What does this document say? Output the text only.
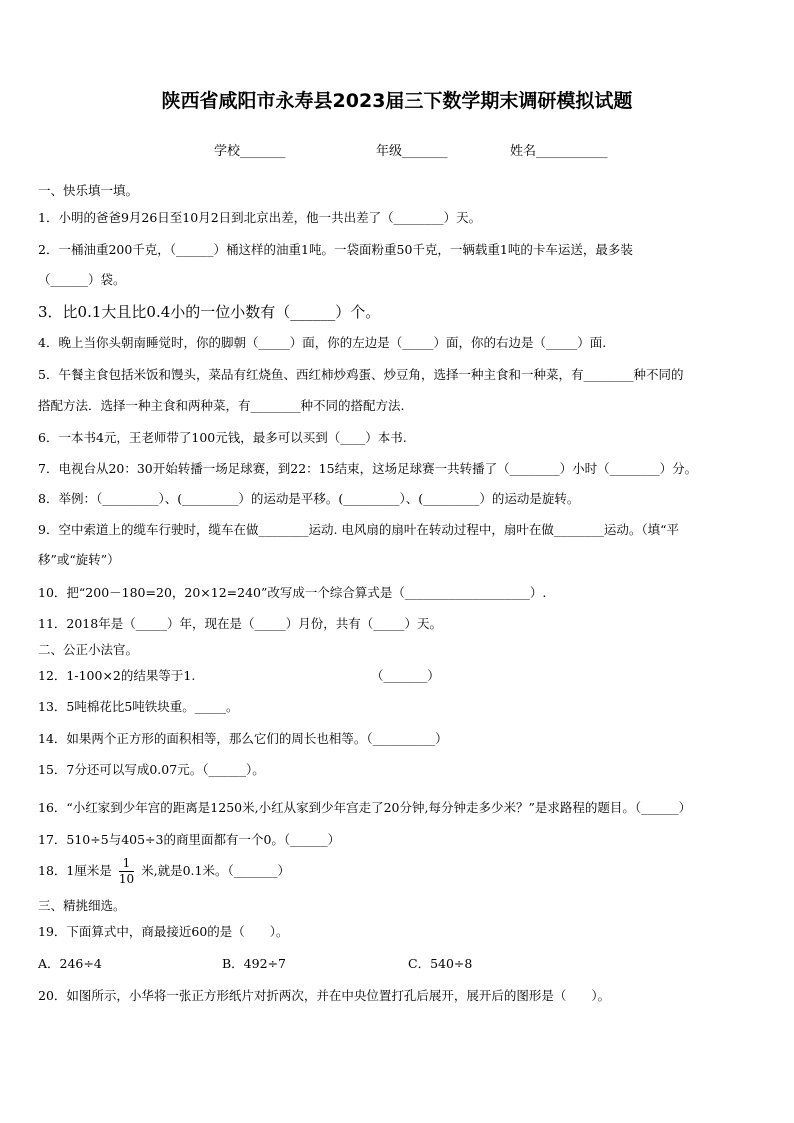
陕西省咸阳市永寿县2023届三下数学期末调研模拟试题
学校_______	年级_______	姓名___________
一、快乐填一填。
1．小明的爸爸9月26日至10月2日到北京出差，他一共出差了（________）天。
2．一桶油重200千克，（______）桶这样的油重1吨。一袋面粉重50千克，一辆载重1吨的卡车运送，最多装
（______）袋。
3．比0.1大且比0.4小的一位小数有（______）个。
4．晚上当你头朝南睡觉时，你的脚朝（_____）面，你的左边是（_____）面，你的右边是（_____）面.
5．午餐主食包括米饭和馒头，菜品有红烧鱼、西红柿炒鸡蛋、炒豆角，选择一种主食和一种菜，有________种不同的
搭配方法．选择一种主食和两种菜，有________种不同的搭配方法.
6．一本书4元，王老师带了100元钱，最多可以买到（____）本书.
7．电视台从20：30开始转播一场足球赛，到22：15结束，这场足球赛一共转播了（________）小时（________）分。
8．举例：（_________）、(_________）的运动是平移。(_________）、(_________）的运动是旋转。
9．空中索道上的缆车行驶时，缆车在做________运动. 电风扇的扇叶在转动过程中，扇叶在做________运动。（填“平
移”或“旋转”）
10．把“200－180=20，20×12=240”改写成一个综合算式是（____________________）.
11．2018年是（_____）年，现在是（_____）月份，共有（_____）天。
二、公正小法官。
12．1-100×2的结果等于1.	（_______）
13．5吨棉花比5吨铁块重。_____。
14．如果两个正方形的面积相等，那么它们的周长也相等。（__________）
15．7分还可以写成0.07元。（______）。
16．“小红家到少年宫的距离是1250米,小红从家到少年宫走了20分钟,每分钟走多少米？”是求路程的题目。（______）
17．510÷5与405÷3的商里面都有一个0。（______）
18．1厘米是 $\frac{1}{10}$ 米,就是0.1米。（_______）
三、精挑细选。
19．下面算式中，商最接近60的是（　　）。
A．246÷4	B．492÷7	C．540÷8
20．如图所示，小华将一张正方形纸片对折两次，并在中央位置打孔后展开，展开后的图形是（　　）。
